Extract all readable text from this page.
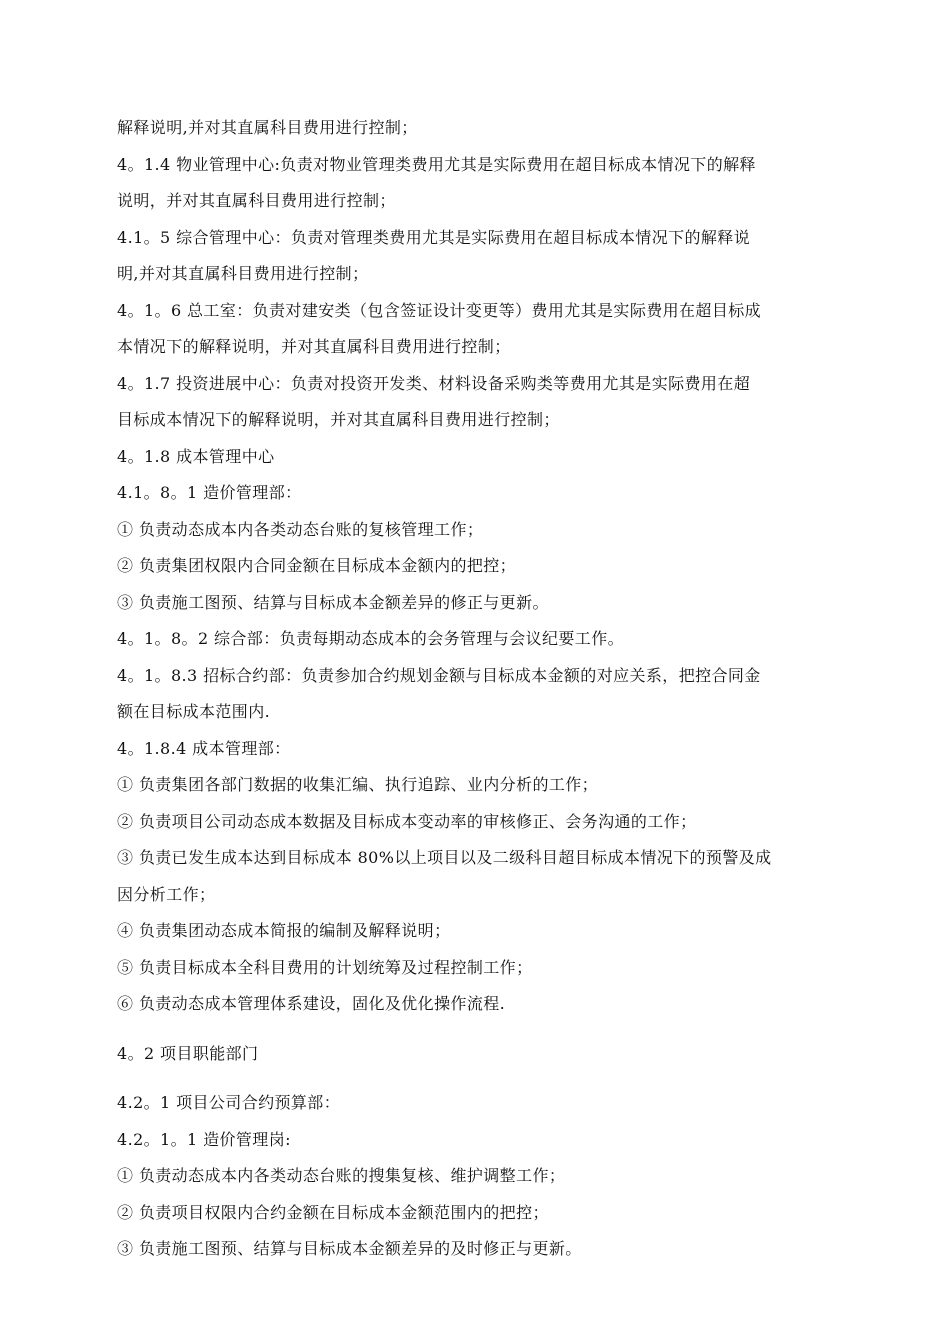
解释说明,并对其直属科目费用进行控制；

4。1.4 物业管理中心:负责对物业管理类费用尤其是实际费用在超目标成本情况下的解释

说明，并对其直属科目费用进行控制；

4.1。5 综合管理中心：负责对管理类费用尤其是实际费用在超目标成本情况下的解释说

明,并对其直属科目费用进行控制；

4。1。6 总工室：负责对建安类（包含签证设计变更等）费用尤其是实际费用在超目标成

本情况下的解释说明，并对其直属科目费用进行控制；

4。1.7 投资进展中心：负责对投资开发类、材料设备采购类等费用尤其是实际费用在超

目标成本情况下的解释说明，并对其直属科目费用进行控制；

4。1.8 成本管理中心

4.1。8。1 造价管理部：

① 负责动态成本内各类动态台账的复核管理工作；

② 负责集团权限内合同金额在目标成本金额内的把控；

③ 负责施工图预、结算与目标成本金额差异的修正与更新。

4。1。8。2 综合部：负责每期动态成本的会务管理与会议纪要工作。

4。1。8.3 招标合约部：负责参加合约规划金额与目标成本金额的对应关系，把控合同金

额在目标成本范围内.

4。1.8.4 成本管理部：

① 负责集团各部门数据的收集汇编、执行追踪、业内分析的工作；

② 负责项目公司动态成本数据及目标成本变动率的审核修正、会务沟通的工作；

③ 负责已发生成本达到目标成本 80%以上项目以及二级科目超目标成本情况下的预警及成

因分析工作；

④ 负责集团动态成本简报的编制及解释说明；

⑤ 负责目标成本全科目费用的计划统筹及过程控制工作；

⑥ 负责动态成本管理体系建设，固化及优化操作流程.

4。2 项目职能部门

4.2。1 项目公司合约预算部：

4.2。1。1 造价管理岗:

① 负责动态成本内各类动态台账的搜集复核、维护调整工作；

② 负责项目权限内合约金额在目标成本金额范围内的把控；

③ 负责施工图预、结算与目标成本金额差异的及时修正与更新。
